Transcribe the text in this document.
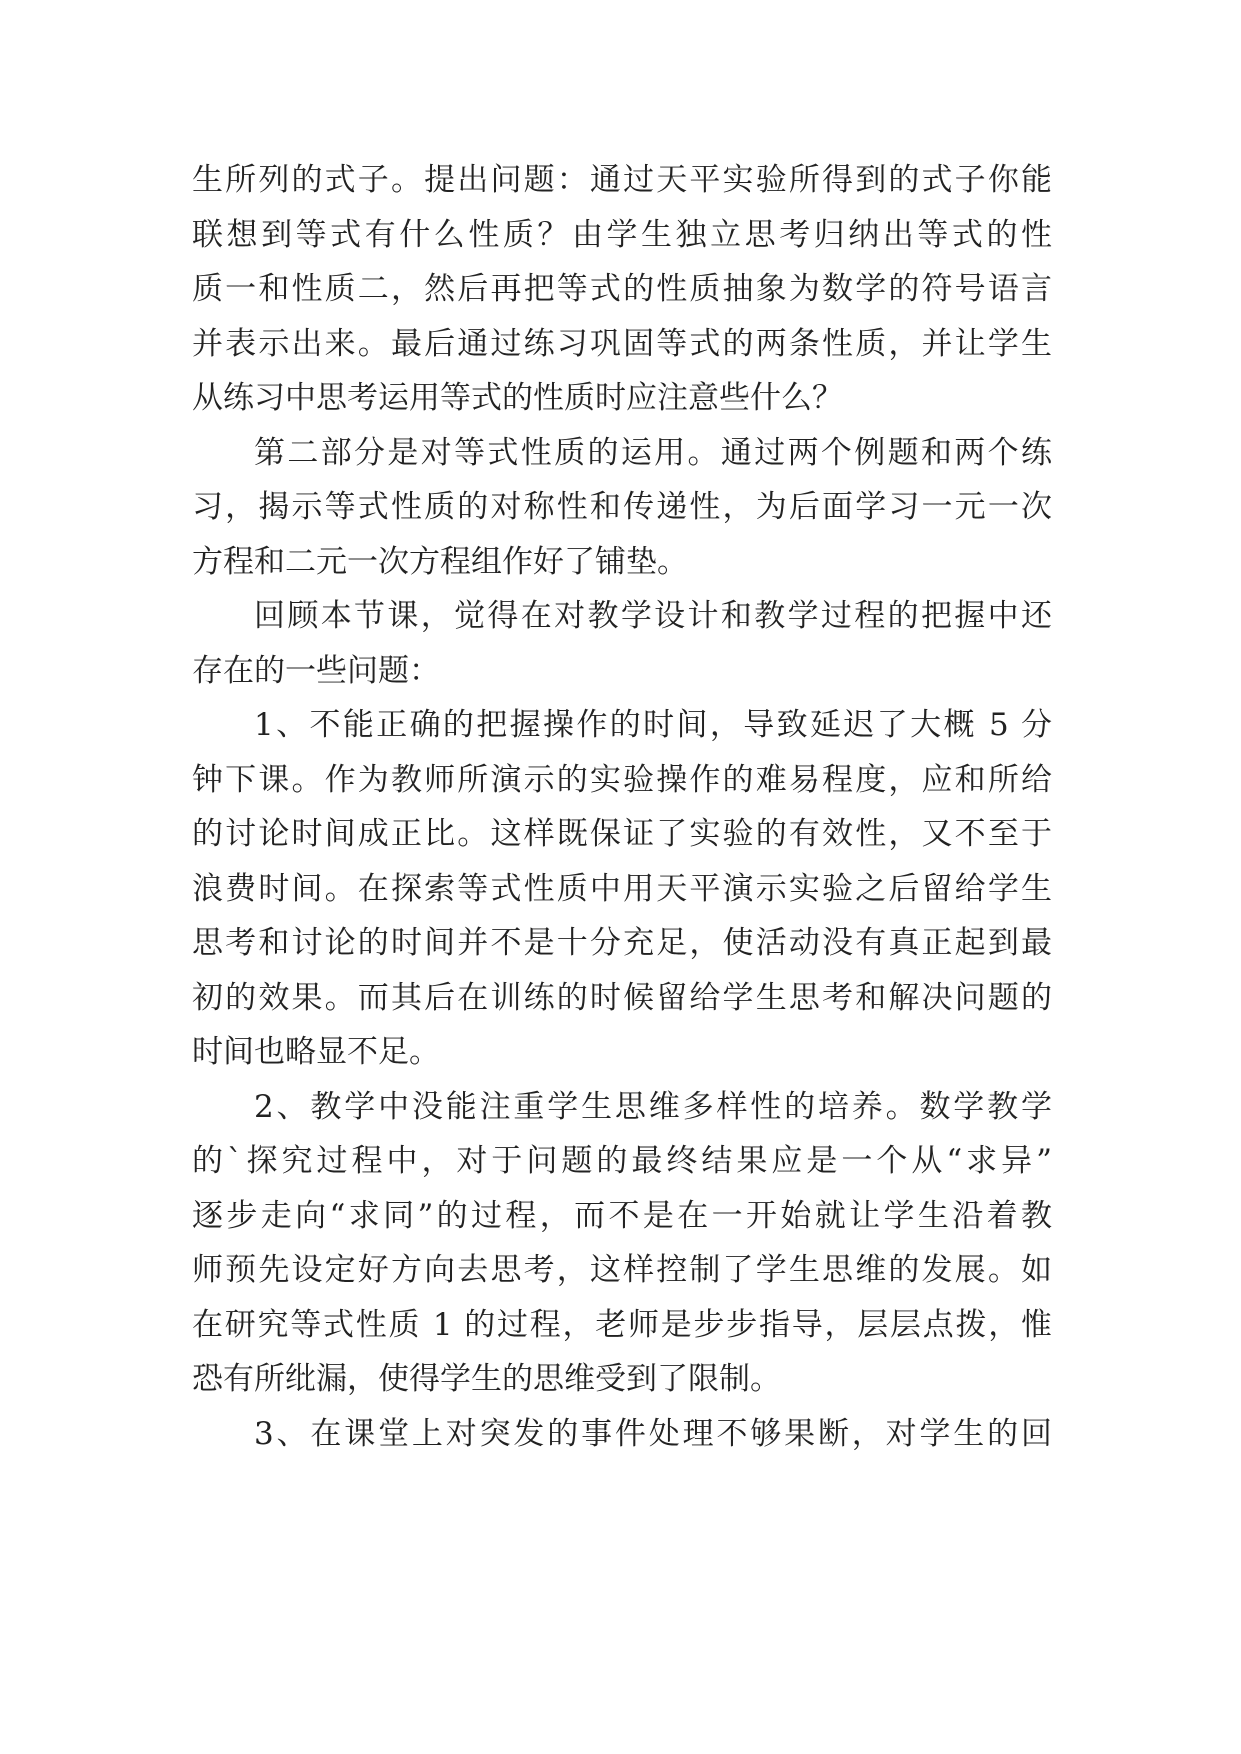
生所列的式子。提出问题：通过天平实验所得到的式子你能
联想到等式有什么性质？由学生独立思考归纳出等式的性
质一和性质二，然后再把等式的性质抽象为数学的符号语言
并表示出来。最后通过练习巩固等式的两条性质，并让学生
从练习中思考运用等式的性质时应注意些什么？
第二部分是对等式性质的运用。通过两个例题和两个练
习，揭示等式性质的对称性和传递性，为后面学习一元一次
方程和二元一次方程组作好了铺垫。
回顾本节课，觉得在对教学设计和教学过程的把握中还
存在的一些问题：
1、不能正确的把握操作的时间，导致延迟了大概 5 分
钟下课。作为教师所演示的实验操作的难易程度，应和所给
的讨论时间成正比。这样既保证了实验的有效性，又不至于
浪费时间。在探索等式性质中用天平演示实验之后留给学生
思考和讨论的时间并不是十分充足，使活动没有真正起到最
初的效果。而其后在训练的时候留给学生思考和解决问题的
时间也略显不足。
2、教学中没能注重学生思维多样性的培养。数学教学
的`探究过程中，对于问题的最终结果应是一个从“求异”
逐步走向“求同”的过程，而不是在一开始就让学生沿着教
师预先设定好方向去思考，这样控制了学生思维的发展。如
在研究等式性质 1 的过程，老师是步步指导，层层点拨，惟
恐有所纰漏，使得学生的思维受到了限制。
3、在课堂上对突发的事件处理不够果断，对学生的回
